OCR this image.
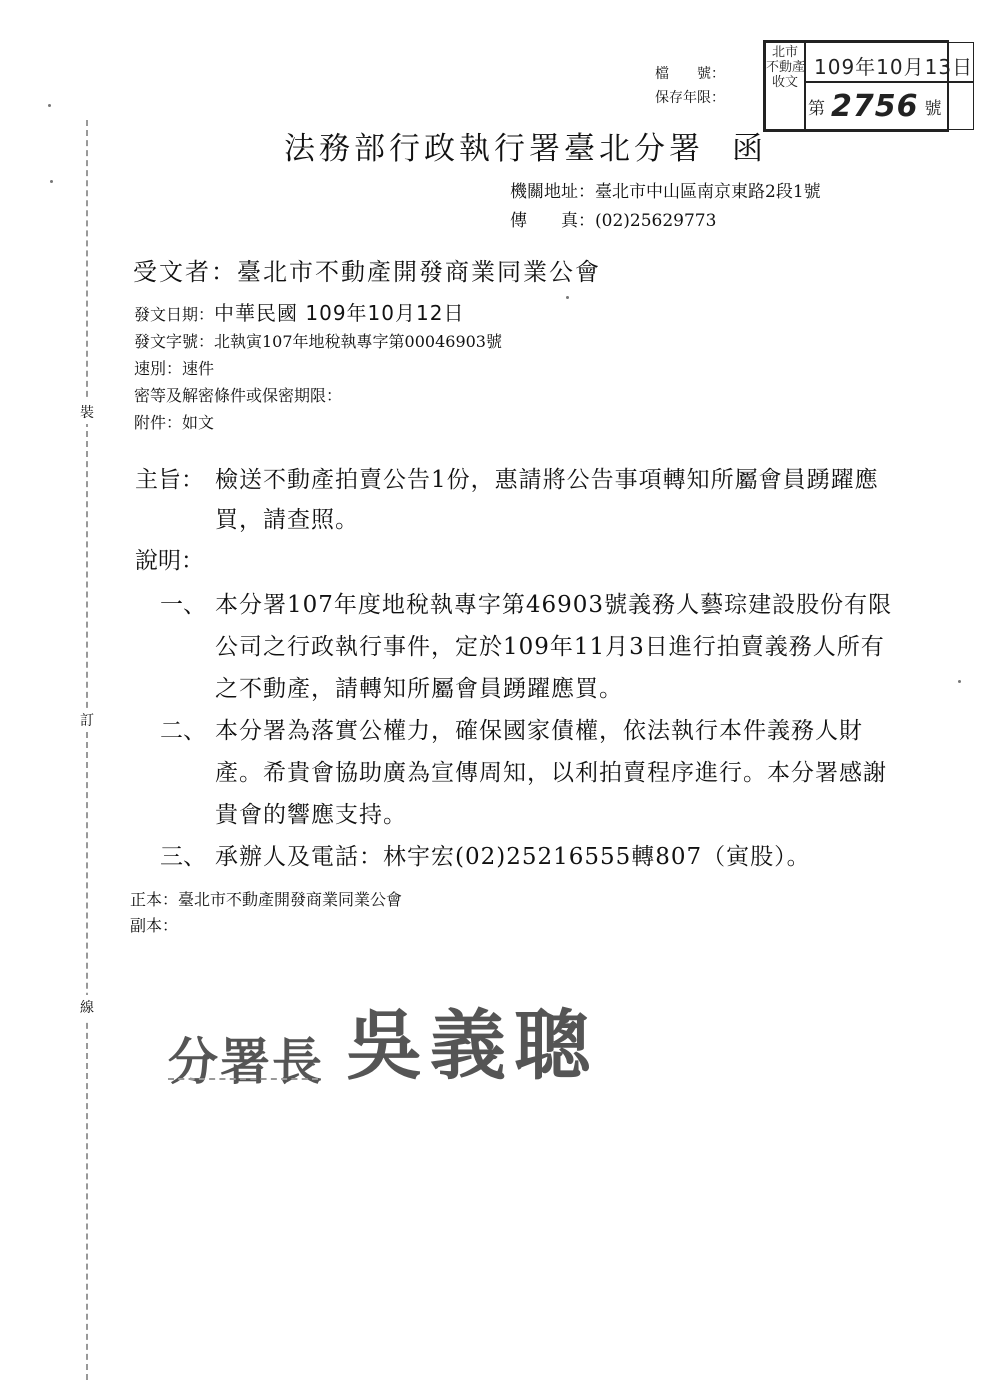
檔　　號：
保存年限：
北市
不動產
收文
109年10月13日
第 2756 號
裝
訂
線
法務部行政執行署臺北分署 函
機關地址：臺北市中山區南京東路2段1號
傳　　真：(02)25629773
受文者：臺北市不動產開發商業同業公會
發文日期：中華民國 109年10月12日
發文字號：北執寅107年地稅執專字第00046903號
速別：速件
密等及解密條件或保密期限：
附件：如文
主旨： 檢送不動產拍賣公告1份，惠請將公告事項轉知所屬會員踴躍應買，請查照。
說明：
一、 本分署107年度地稅執專字第46903號義務人藝琮建設股份有限公司之行政執行事件，定於109年11月3日進行拍賣義務人所有之不動產，請轉知所屬會員踴躍應買。
二、 本分署為落實公權力，確保國家債權，依法執行本件義務人財產。希貴會協助廣為宣傳周知，以利拍賣程序進行。本分署感謝貴會的響應支持。
三、 承辦人及電話：林宇宏(02)25216555轉807（寅股）。
正本：臺北市不動產開發商業同業公會
副本：
分署長 吳義聰
